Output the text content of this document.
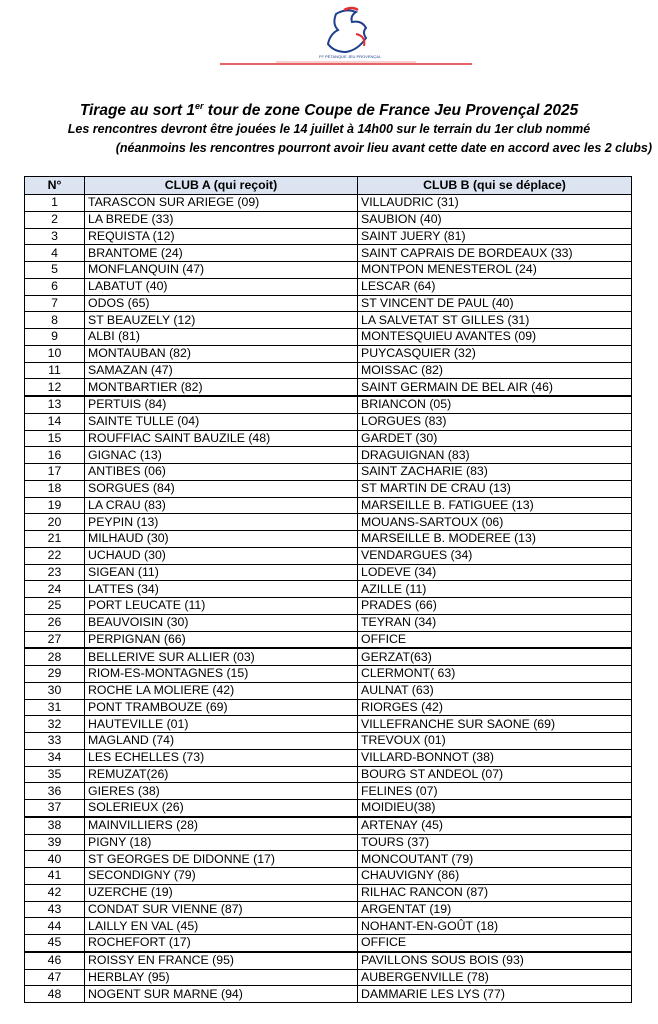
FF PÉTANQUE JEU PROVENÇAL
Tirage au sort 1er tour de zone Coupe de France Jeu Provençal 2025
Les rencontres devront être jouées le 14 juillet à 14h00 sur le terrain du 1er club nommé
(néanmoins les rencontres pourront avoir lieu avant cette date en accord avec les 2 clubs)
N°	CLUB A (qui reçoit)	CLUB B (qui se déplace)
1	TARASCON SUR ARIEGE (09)	VILLAUDRIC (31)
2	LA BREDE (33)	SAUBION (40)
3	REQUISTA (12)	SAINT JUERY (81)
4	BRANTOME (24)	SAINT CAPRAIS DE BORDEAUX (33)
5	MONFLANQUIN (47)	MONTPON MENESTEROL (24)
6	LABATUT (40)	LESCAR (64)
7	ODOS (65)	ST VINCENT DE PAUL (40)
8	ST BEAUZELY (12)	LA SALVETAT ST GILLES (31)
9	ALBI (81)	MONTESQUIEU AVANTES (09)
10	MONTAUBAN (82)	PUYCASQUIER (32)
11	SAMAZAN (47)	MOISSAC (82)
12	MONTBARTIER (82)	SAINT GERMAIN DE BEL AIR (46)
13	PERTUIS (84)	BRIANCON (05)
14	SAINTE TULLE (04)	LORGUES (83)
15	ROUFFIAC SAINT BAUZILE (48)	GARDET (30)
16	GIGNAC (13)	DRAGUIGNAN (83)
17	ANTIBES (06)	SAINT ZACHARIE (83)
18	SORGUES (84)	ST MARTIN DE CRAU (13)
19	LA CRAU (83)	MARSEILLE B. FATIGUEE (13)
20	PEYPIN (13)	MOUANS-SARTOUX (06)
21	MILHAUD (30)	MARSEILLE B. MODEREE (13)
22	UCHAUD (30)	VENDARGUES (34)
23	SIGEAN (11)	LODEVE (34)
24	LATTES (34)	AZILLE (11)
25	PORT LEUCATE (11)	PRADES (66)
26	BEAUVOISIN (30)	TEYRAN (34)
27	PERPIGNAN (66)	OFFICE
28	BELLERIVE SUR ALLIER (03)	GERZAT(63)
29	RIOM-ES-MONTAGNES (15)	CLERMONT( 63)
30	ROCHE LA MOLIERE (42)	AULNAT (63)
31	PONT TRAMBOUZE (69)	RIORGES (42)
32	HAUTEVILLE (01)	VILLEFRANCHE SUR SAONE (69)
33	MAGLAND (74)	TREVOUX (01)
34	LES ECHELLES (73)	VILLARD-BONNOT (38)
35	REMUZAT(26)	BOURG ST ANDEOL (07)
36	GIERES (38)	FELINES (07)
37	SOLERIEUX (26)	MOIDIEU(38)
38	MAINVILLIERS (28)	ARTENAY (45)
39	PIGNY (18)	TOURS (37)
40	ST GEORGES DE DIDONNE (17)	MONCOUTANT (79)
41	SECONDIGNY (79)	CHAUVIGNY (86)
42	UZERCHE (19)	RILHAC RANCON (87)
43	CONDAT SUR VIENNE (87)	ARGENTAT (19)
44	LAILLY EN VAL (45)	NOHANT-EN-GOÛT (18)
45	ROCHEFORT (17)	OFFICE
46	ROISSY EN FRANCE (95)	PAVILLONS SOUS BOIS (93)
47	HERBLAY (95)	AUBERGENVILLE (78)
48	NOGENT SUR MARNE (94)	DAMMARIE LES LYS (77)
